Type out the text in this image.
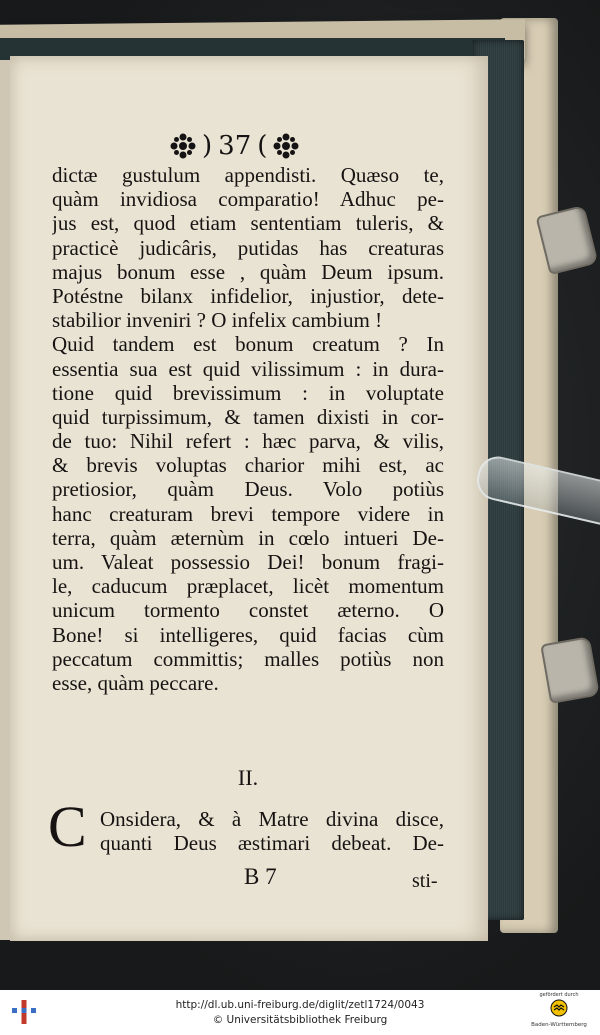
) 37 (
dictæ gustulum appendisti. Quæso te,
quàm invidiosa comparatio! Adhuc pe-
jus est, quod etiam sententiam tuleris, &
practicè judicâris, putidas has creaturas
majus bonum esse , quàm Deum ipsum.
Potéstne bilanx infidelior, injustior, dete-
stabilior inveniri ? O infelix cambium !
Quid tandem est bonum creatum ? In
essentia sua est quid vilissimum : in dura-
tione quid brevissimum : in voluptate
quid turpissimum, & tamen dixisti in cor-
de tuo: Nihil refert : hæc parva, & vilis,
& brevis voluptas charior mihi est, ac
pretiosior, quàm Deus. Volo potiùs
hanc creaturam brevi tempore videre in
terra, quàm æternùm in cœlo intueri De-
um. Valeat possessio Dei! bonum fragi-
le, caducum præplacet, licèt momentum
unicum tormento constet æterno. O
Bone! si intelligeres, quid facias cùm
peccatum committis; malles potiùs non
esse, quàm peccare.
II.
C Onsidera, & à Matre divina disce,
quanti Deus æstimari debeat. De-
B 7	sti-
http://dl.ub.uni-freiburg.de/diglit/zetl1724/0043
© Universitätsbibliothek Freiburg
gefördert durch
Baden-Württemberg
